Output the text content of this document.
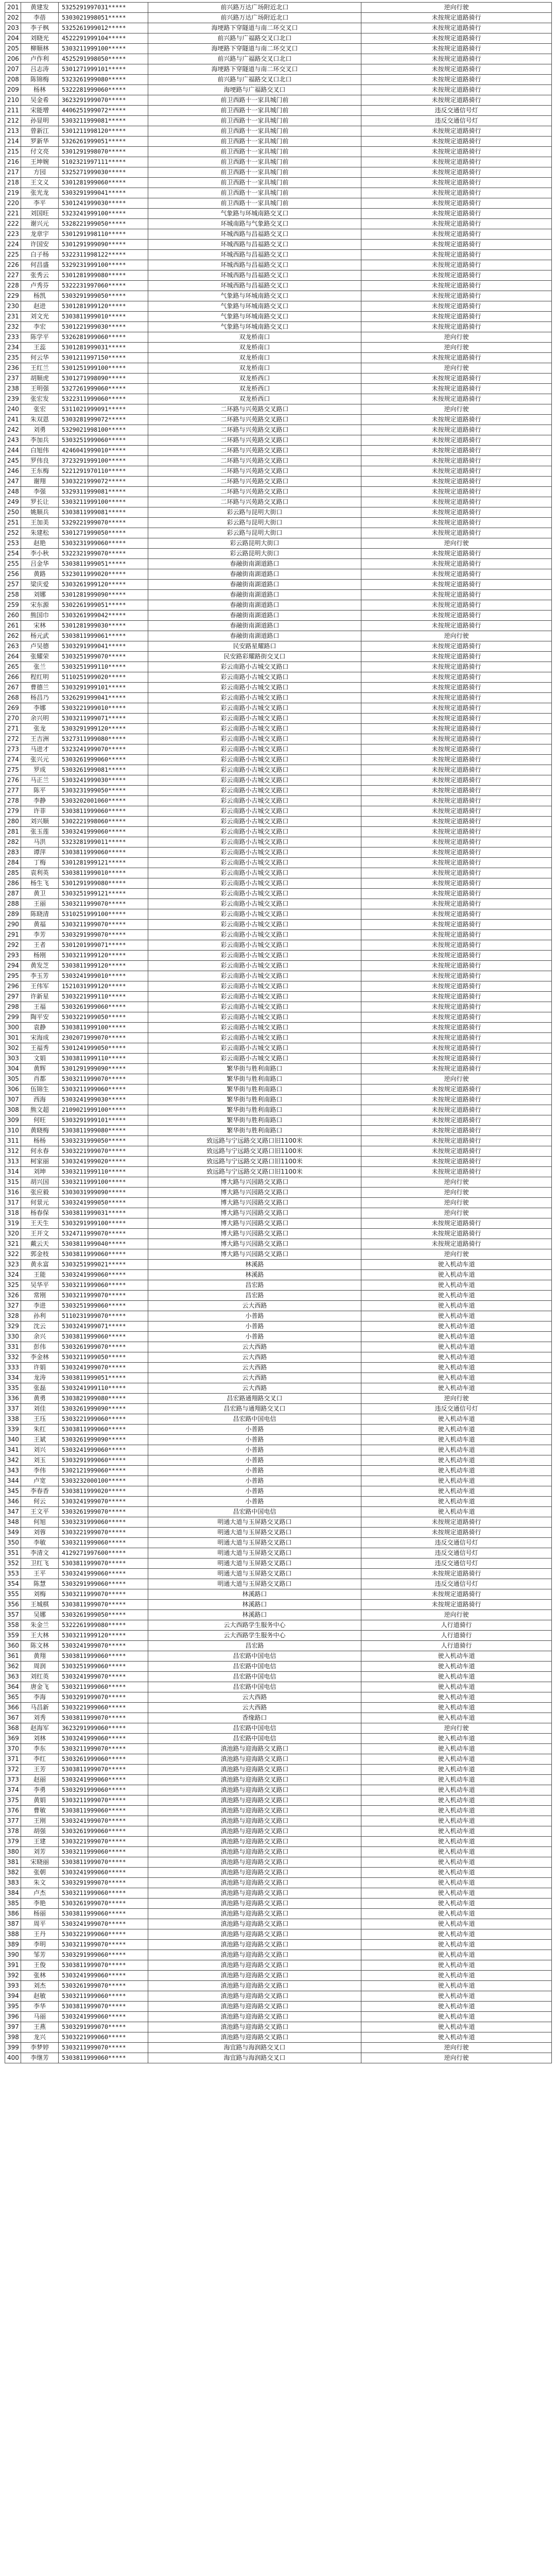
201	黄建发	5325291997031*****	前兴路万达广场附近北口	逆向行驶
202	李蓓	5303021998051*****	前兴路万达广场附近北口	未按规定道路骑行
203	李子枫	5325261999012*****	海埂路下穿隧道与南二环交叉口	未按规定道路骑行
204	刘晓光	4522291999104*****	前兴路与广福路交叉口北口	未按规定道路骑行
205	柳顺林	5303211999100*****	海埂路下穿隧道与南二环交叉口	未按规定道路骑行
206	卢作利	4525291998050*****	前兴路与广福路交叉口北口	未按规定道路骑行
207	吕志涛	5301271999101*****	海埂路下穿隧道与南二环交叉口	未按规定道路骑行
208	陈锦梅	5323261999080*****	前兴路与广福路交叉口北口	未按规定道路骑行
209	杨林	5322281999060*****	海埂路与广福路交叉口	未按规定道路骑行
210	吴金希	3623291999070*****	前卫西路十一家具城门前	未按规定道路骑行
211	宋能增	4406251999072*****	前卫西路十一家具城门前	违反交通信号灯
212	孙显明	5303211999081*****	前卫西路十一家具城门前	违反交通信号灯
213	曾新江	5301211998120*****	前卫西路十一家具城门前	未按规定道路骑行
214	罗新华	5326261999051*****	前卫西路十一家具城门前	未按规定道路骑行
215	付文亮	5301291998070*****	前卫西路十一家具城门前	未按规定道路骑行
216	王坤婉	5102321997111*****	前卫西路十一家具城门前	未按规定道路骑行
217	方园	5325271999030*****	前卫西路十一家具城门前	未按规定道路骑行
218	王文义	5301281999060*****	前卫西路十一家具城门前	未按规定道路骑行
219	张光龙	5303291999041*****	前卫西路十一家具城门前	未按规定道路骑行
220	李平	5301241999030*****	前卫西路十一家具城门前	未按规定道路骑行
221	刘国旺	5323241999100*****	气象路与环城南路交叉口	未按规定道路骑行
222	谢兴元	5328221999050*****	环城南路与气象路交叉口	未按规定道路骑行
223	龙章宇	5301291998110*****	环城西路与昌福路交叉口	未按规定道路骑行
224	许国安	5301291999090*****	环城西路与昌福路交叉口	未按规定道路骑行
225	白子杨	5322311998122*****	环城西路与昌福路交叉口	未按规定道路骑行
226	何昌盛	5329231999100*****	环城西路与昌福路交叉口	未按规定道路骑行
227	张秀云	5301281999080*****	环城西路与昌福路交叉口	未按规定道路骑行
228	卢秀芬	5322231997060*****	环城西路与昌福路交叉口	未按规定道路骑行
229	杨凯	5303291999050*****	气象路与环城南路交叉口	未按规定道路骑行
230	赵进	5301281999120*****	气象路与环城南路交叉口	未按规定道路骑行
231	刘文光	5303811999010*****	气象路与环城南路交叉口	未按规定道路骑行
232	李宏	5301221999030*****	气象路与环城南路交叉口	未按规定道路骑行
233	陈学平	5326281999060*****	双龙桥南口	逆向行驶
234	王蕊	5301281999031*****	双龙桥南口	逆向行驶
235	何云华	5301211997150*****	双龙桥南口	未按规定道路骑行
236	王红兰	5301251999100*****	双龙桥南口	逆向行驶
237	胡顺虎	5301271998090*****	双龙桥西口	未按规定道路骑行
238	王明强	5327261999060*****	双龙桥西口	未按规定道路骑行
239	张宏发	5322311999060*****	双龙桥西口	未按规定道路骑行
240	张宏	5311021999091*****	二环路与兴苑路交叉路口	逆向行驶
241	朱双恩	5303281999072*****	二环路与兴苑路交叉路口	未按规定道路骑行
242	刘勇	5329021998100*****	二环路与兴苑路交叉路口	未按规定道路骑行
243	李加兵	5303251999060*****	二环路与兴苑路交叉路口	未按规定道路骑行
244	白旭伟	4246041999010*****	二环路与兴苑路交叉路口	未按规定道路骑行
245	罗伟良	3723291999100*****	二环路与兴苑路交叉路口	未按规定道路骑行
246	王东梅	5221291970110*****	二环路与兴苑路交叉路口	未按规定道路骑行
247	谢翔	5303221999072*****	二环路与兴苑路交叉路口	未按规定道路骑行
248	李强	5329311999081*****	二环路与兴苑路交叉路口	未按规定道路骑行
249	罗长让	5303211999100*****	二环路与兴苑路交叉路口	未按规定道路骑行
250	姚顺兵	5303811999081*****	彩云路与昆明大街口	未按规定道路骑行
251	王加美	5329221999070*****	彩云路与昆明大街口	未按规定道路骑行
252	朱建松	5301271999050*****	彩云路与昆明大街口	未按规定道路骑行
253	赵艳	5303231999060*****	彩云路昆明大街口	逆向行驶
254	李小秋	5322321999070*****	彩云路昆明大街口	未按规定道路骑行
255	吕金华	5303811999051*****	春融街南湖道路口	未按规定道路骑行
256	黄路	5323011999020*****	春融街南湖道路口	未按规定道路骑行
257	梁庆爱	5303261999120*****	春融街南湖道路口	未按规定道路骑行
258	刘娜	5301281999090*****	春融街南湖道路口	未按规定道路骑行
259	宋东源	5302261999051*****	春融街南湖道路口	未按规定道路骑行
260	熊国巾	5303261999042*****	春融街南湖道路口	未按规定道路骑行
261	宋林	5301281999030*****	春融街南湖道路口	未按规定道路骑行
262	杨元武	5303811999061*****	春融街南湖道路口	逆向行驶
263	卢吴德	5303291999041*****	民安路星耀路口	未按规定道路骑行
264	张耀荣	5303251999070*****	民安路彩耀路街交叉口	未按规定道路骑行
265	张兰	5303251999110*****	彩云南路小古城交叉路口	未按规定道路骑行
266	程红明	5110251999020*****	彩云南路小古城交叉路口	未按规定道路骑行
267	曹德兰	5303291999101*****	彩云南路小古城交叉路口	未按规定道路骑行
268	杨昌乃	5326291999041*****	彩云南路小古城交叉路口	未按规定道路骑行
269	李娜	5303221999010*****	彩云南路小古城交叉路口	未按规定道路骑行
270	余兴明	5303211999071*****	彩云南路小古城交叉路口	未按规定道路骑行
271	张龙	5303291999120*****	彩云南路小古城交叉路口	未按规定道路骑行
272	王吉洲	5327311999080*****	彩云南路小古城交叉路口	未按规定道路骑行
273	马进才	5323241999070*****	彩云南路小古城交叉路口	未按规定道路骑行
274	张兴元	5303261999060*****	彩云南路小古城交叉路口	未按规定道路骑行
275	罗成	5303261999081*****	彩云南路小古城交叉路口	未按规定道路骑行
276	马正兰	5303241999030*****	彩云南路小古城交叉路口	未按规定道路骑行
277	陈平	5303231999050*****	彩云南路小古城交叉路口	未按规定道路骑行
278	李静	5303202001060*****	彩云南路小古城交叉路口	未按规定道路骑行
279	许菲	5303811999060*****	彩云南路小古城交叉路口	未按规定道路骑行
280	刘兴顺	5302221998060*****	彩云南路小古城交叉路口	未按规定道路骑行
281	张玉莲	5303241999060*****	彩云南路小古城交叉路口	未按规定道路骑行
282	马洪	5323281999011*****	彩云南路小古城交叉路口	未按规定道路骑行
283	谭萍	5303811999060*****	彩云南路小古城交叉路口	未按规定道路骑行
284	丁梅	5301281999121*****	彩云南路小古城交叉路口	未按规定道路骑行
285	袁利英	5303811999010*****	彩云南路小古城交叉路口	未按规定道路骑行
286	杨生飞	5301291999080*****	彩云南路小古城交叉路口	未按规定道路骑行
287	黄卫	5303251999121*****	彩云南路小古城交叉路口	未按规定道路骑行
288	王丽	5303211999070*****	彩云南路小古城交叉路口	未按规定道路骑行
289	陈晓清	5310251999100*****	彩云南路小古城交叉路口	未按规定道路骑行
290	黄福	5303211999070*****	彩云南路小古城交叉路口	未按规定道路骑行
291	李芳	5303291999070*****	彩云南路小古城交叉路口	未按规定道路骑行
292	王者	5301201999071*****	彩云南路小古城交叉路口	未按规定道路骑行
293	杨刚	5303211999120*****	彩云南路小古城交叉路口	未按规定道路骑行
294	黄发芝	5303811999120*****	彩云南路小古城交叉路口	未按规定道路骑行
295	李玉芳	5303241999010*****	彩云南路小古城交叉路口	未按规定道路骑行
296	王伟军	1521031999120*****	彩云南路小古城交叉路口	未按规定道路骑行
297	许新星	5303221999110*****	彩云南路小古城交叉路口	未按规定道路骑行
298	王福	5303261999060*****	彩云南路小古城交叉路口	未按规定道路骑行
299	陶平安	5303221999050*****	彩云南路小古城交叉路口	未按规定道路骑行
300	袁静	5303811999100*****	彩云南路小古城交叉路口	未按规定道路骑行
301	宋海成	2302071999070*****	彩云南路小古城交叉路口	未按规定道路骑行
302	王福秀	5301241999050*****	彩云南路小古城交叉路口	未按规定道路骑行
303	文娟	5303811999110*****	彩云南路小古城交叉路口	未按规定道路骑行
304	黄辉	5301291999090*****	繁华街与胜利南路口	未按规定道路骑行
305	肖都	5303211999070*****	繁华街与胜利南路口	逆向行驶
306	伍锦生	5303211999060*****	繁华街与胜利南路口	未按规定道路骑行
307	西海	5303241999030*****	繁华街与胜利南路口	未按规定道路骑行
308	熊文超	2109021999100*****	繁华街与胜利南路口	未按规定道路骑行
309	何旺	5303291999101*****	繁华街与胜利南路口	未按规定道路骑行
310	黄晓梅	5303811999080*****	繁华街与胜利南路口	未按规定道路骑行
311	杨杨	5303231999050*****	致远路与宁远路交叉路口旧1100米	未按规定道路骑行
312	何永春	5303221999070*****	致远路与宁远路交叉路口旧1100米	未按规定道路骑行
313	柯家丽	5303241999020*****	致远路与宁远路交叉路口旧1100米	未按规定道路骑行
314	刘坤	5303211999110*****	致远路与宁远路交叉路口旧1100米	未按规定道路骑行
315	胡兴国	5303211999100*****	博大路与兴园路交叉路口	逆向行驶
316	张应毅	5303031999090*****	博大路与兴园路交叉路口	逆向行驶
317	何景元	5303241999050*****	博大路与兴园路交叉路口	逆向行驶
318	杨春保	5303811999031*****	博大路与兴园路交叉路口	逆向行驶
319	王天生	5303291999100*****	博大路与兴园路交叉路口	未按规定道路骑行
320	王开文	5324711999070*****	博大路与兴园路交叉路口	未按规定道路骑行
321	戴云天	5303811999040*****	博大路与兴园路交叉路口	未按规定道路骑行
322	郭金枝	5303811999060*****	博大路与兴园路交叉路口	逆向行驶
323	黄永富	5303251999021*****	林溪路	驶入机动车道
324	王能	5303241999060*****	林溪路	驶入机动车道
325	吴华平	5303211999060*****	昌宏路	驶入机动车道
326	常刚	5303211999070*****	昌宏路	驶入机动车道
327	李进	5303251999060*****	云大西路	驶入机动车道
328	孙利	5110231999070*****	小普路	驶入机动车道
329	沈云	5303241999071*****	小普路	驶入机动车道
330	余兴	5303811999060*****	小普路	驶入机动车道
331	彭伟	5303261999070*****	云大西路	驶入机动车道
332	李金林	5303211999050*****	云大西路	驶入机动车道
333	许娟	5303241999070*****	云大西路	驶入机动车道
334	龙涛	5303811999051*****	云大西路	驶入机动车道
335	张磊	5303241999110*****	云大西路	驶入机动车道
336	黄勇	5303821999080*****	昌宏路通翔路交叉口	逆向行驶
337	刘佳	5303261999090*****	昌宏路与通翔路交叉口	违反交通信号灯
338	王珏	5303221999060*****	昌宏路中国电信	驶入机动车道
339	朱红	5303811999060*****	小普路	驶入机动车道
340	王斌	5303261999090*****	小普路	驶入机动车道
341	刘兴	5303241999060*****	小普路	驶入机动车道
342	刘玉	5303291999060*****	小普路	驶入机动车道
343	李伟	5302121999060*****	小普路	驶入机动车道
344	卢宽	5303232000100*****	小普路	驶入机动车道
345	李春香	5303811999020*****	小普路	驶入机动车道
346	何云	5303241999070*****	小普路	驶入机动车道
347	王文平	5303261999070*****	昌宏路中国电信	驶入机动车道
348	何旭	5303231999060*****	明通大道与玉屏路交叉路口	未按规定道路骑行
349	刘蓉	5303221999070*****	明通大道与玉屏路交叉路口	未按规定道路骑行
350	李敏	5303211999060*****	明通大道与玉屏路交叉路口	违反交通信号灯
351	李清文	4129271997600*****	明通大道与玉屏路交叉路口	违反交通信号灯
352	卫红飞	5303811999070*****	明通大道与玉屏路交叉路口	违反交通信号灯
353	王平	5303241999060*****	明通大道与玉屏路交叉路口	未按规定道路骑行
354	陈慧	5303291999060*****	明通大道与玉屏路交叉路口	违反交通信号灯
355	刘梅	5303211999070*****	林溪路口	未按规定道路骑行
356	王城棋	5303811999070*****	林溪路口	未按规定道路骑行
357	吴娜	5303261999050*****	林溪路口	逆向行驶
358	朱金兰	5322261999080*****	云大西路学生服务中心	人行道骑行
359	王大林	5303211999120*****	云大西路学生服务中心	人行道骑行
360	陈文林	5303241999070*****	昌宏路	人行道骑行
361	黄翔	5303811999060*****	昌宏路中国电信	驶入机动车道
362	周润	5303251999060*****	昌宏路中国电信	驶入机动车道
363	刘红英	5303241999070*****	昌宏路中国电信	驶入机动车道
364	唐金飞	5303211999060*****	昌宏路中国电信	驶入机动车道
365	李海	5303291999070*****	云大西路	驶入机动车道
366	马昌新	5303221999060*****	云大西路	驶入机动车道
367	刘秀	5303811999070*****	香缘路口	驶入机动车道
368	赵海军	3623291999060*****	昌宏路中国电信	逆向行驶
369	刘林	5303241999060*****	昌宏路中国电信	驶入机动车道
370	李东	5303211999070*****	滇池路与迎海路交叉路口	驶入机动车道
371	李红	5303261999060*****	滇池路与迎海路交叉路口	驶入机动车道
372	王芳	5303811999070*****	滇池路与迎海路交叉路口	驶入机动车道
373	赵丽	5303241999060*****	滇池路与迎海路交叉路口	驶入机动车道
374	李勇	5303291999060*****	滇池路与迎海路交叉路口	驶入机动车道
375	黄娟	5303211999070*****	滇池路与迎海路交叉路口	驶入机动车道
376	曹敏	5303811999060*****	滇池路与迎海路交叉路口	驶入机动车道
377	王刚	5303241999070*****	滇池路与迎海路交叉路口	驶入机动车道
378	胡强	5303261999060*****	滇池路与迎海路交叉路口	驶入机动车道
379	王建	5303221999070*****	滇池路与迎海路交叉路口	驶入机动车道
380	刘芳	5303211999060*****	滇池路与迎海路交叉路口	驶入机动车道
381	宋晓丽	5303811999070*****	滇池路与迎海路交叉路口	驶入机动车道
382	张朝	5303241999060*****	滇池路与迎海路交叉路口	驶入机动车道
383	朱文	5303291999070*****	滇池路与迎海路交叉路口	驶入机动车道
384	卢杰	5303211999060*****	滇池路与迎海路交叉路口	驶入机动车道
385	李艳	5303261999070*****	滇池路与迎海路交叉路口	驶入机动车道
386	杨丽	5303811999060*****	滇池路与迎海路交叉路口	驶入机动车道
387	周平	5303241999070*****	滇池路与迎海路交叉路口	驶入机动车道
388	王丹	5303221999060*****	滇池路与迎海路交叉路口	驶入机动车道
389	李明	5303211999070*****	滇池路与迎海路交叉路口	驶入机动车道
390	邹芳	5303291999060*****	滇池路与迎海路交叉路口	驶入机动车道
391	王俊	5303811999070*****	滇池路与迎海路交叉路口	驶入机动车道
392	张林	5303241999060*****	滇池路与迎海路交叉路口	驶入机动车道
393	刘杰	5303261999070*****	滇池路与迎海路交叉路口	驶入机动车道
394	赵敏	5303211999060*****	滇池路与迎海路交叉路口	驶入机动车道
395	李华	5303811999070*****	滇池路与迎海路交叉路口	驶入机动车道
396	马丽	5303241999060*****	滇池路与迎海路交叉路口	驶入机动车道
397	王燕	5303291999070*****	滇池路与迎海路交叉路口	驶入机动车道
398	龙兴	5303221999060*****	滇池路与迎海路交叉路口	驶入机动车道
399	李梦婷	5303211999070*****	海宜路与海润路交叉口	逆向行驶
400	李继芳	5303811999060*****	海宜路与海润路交叉口	逆向行驶
